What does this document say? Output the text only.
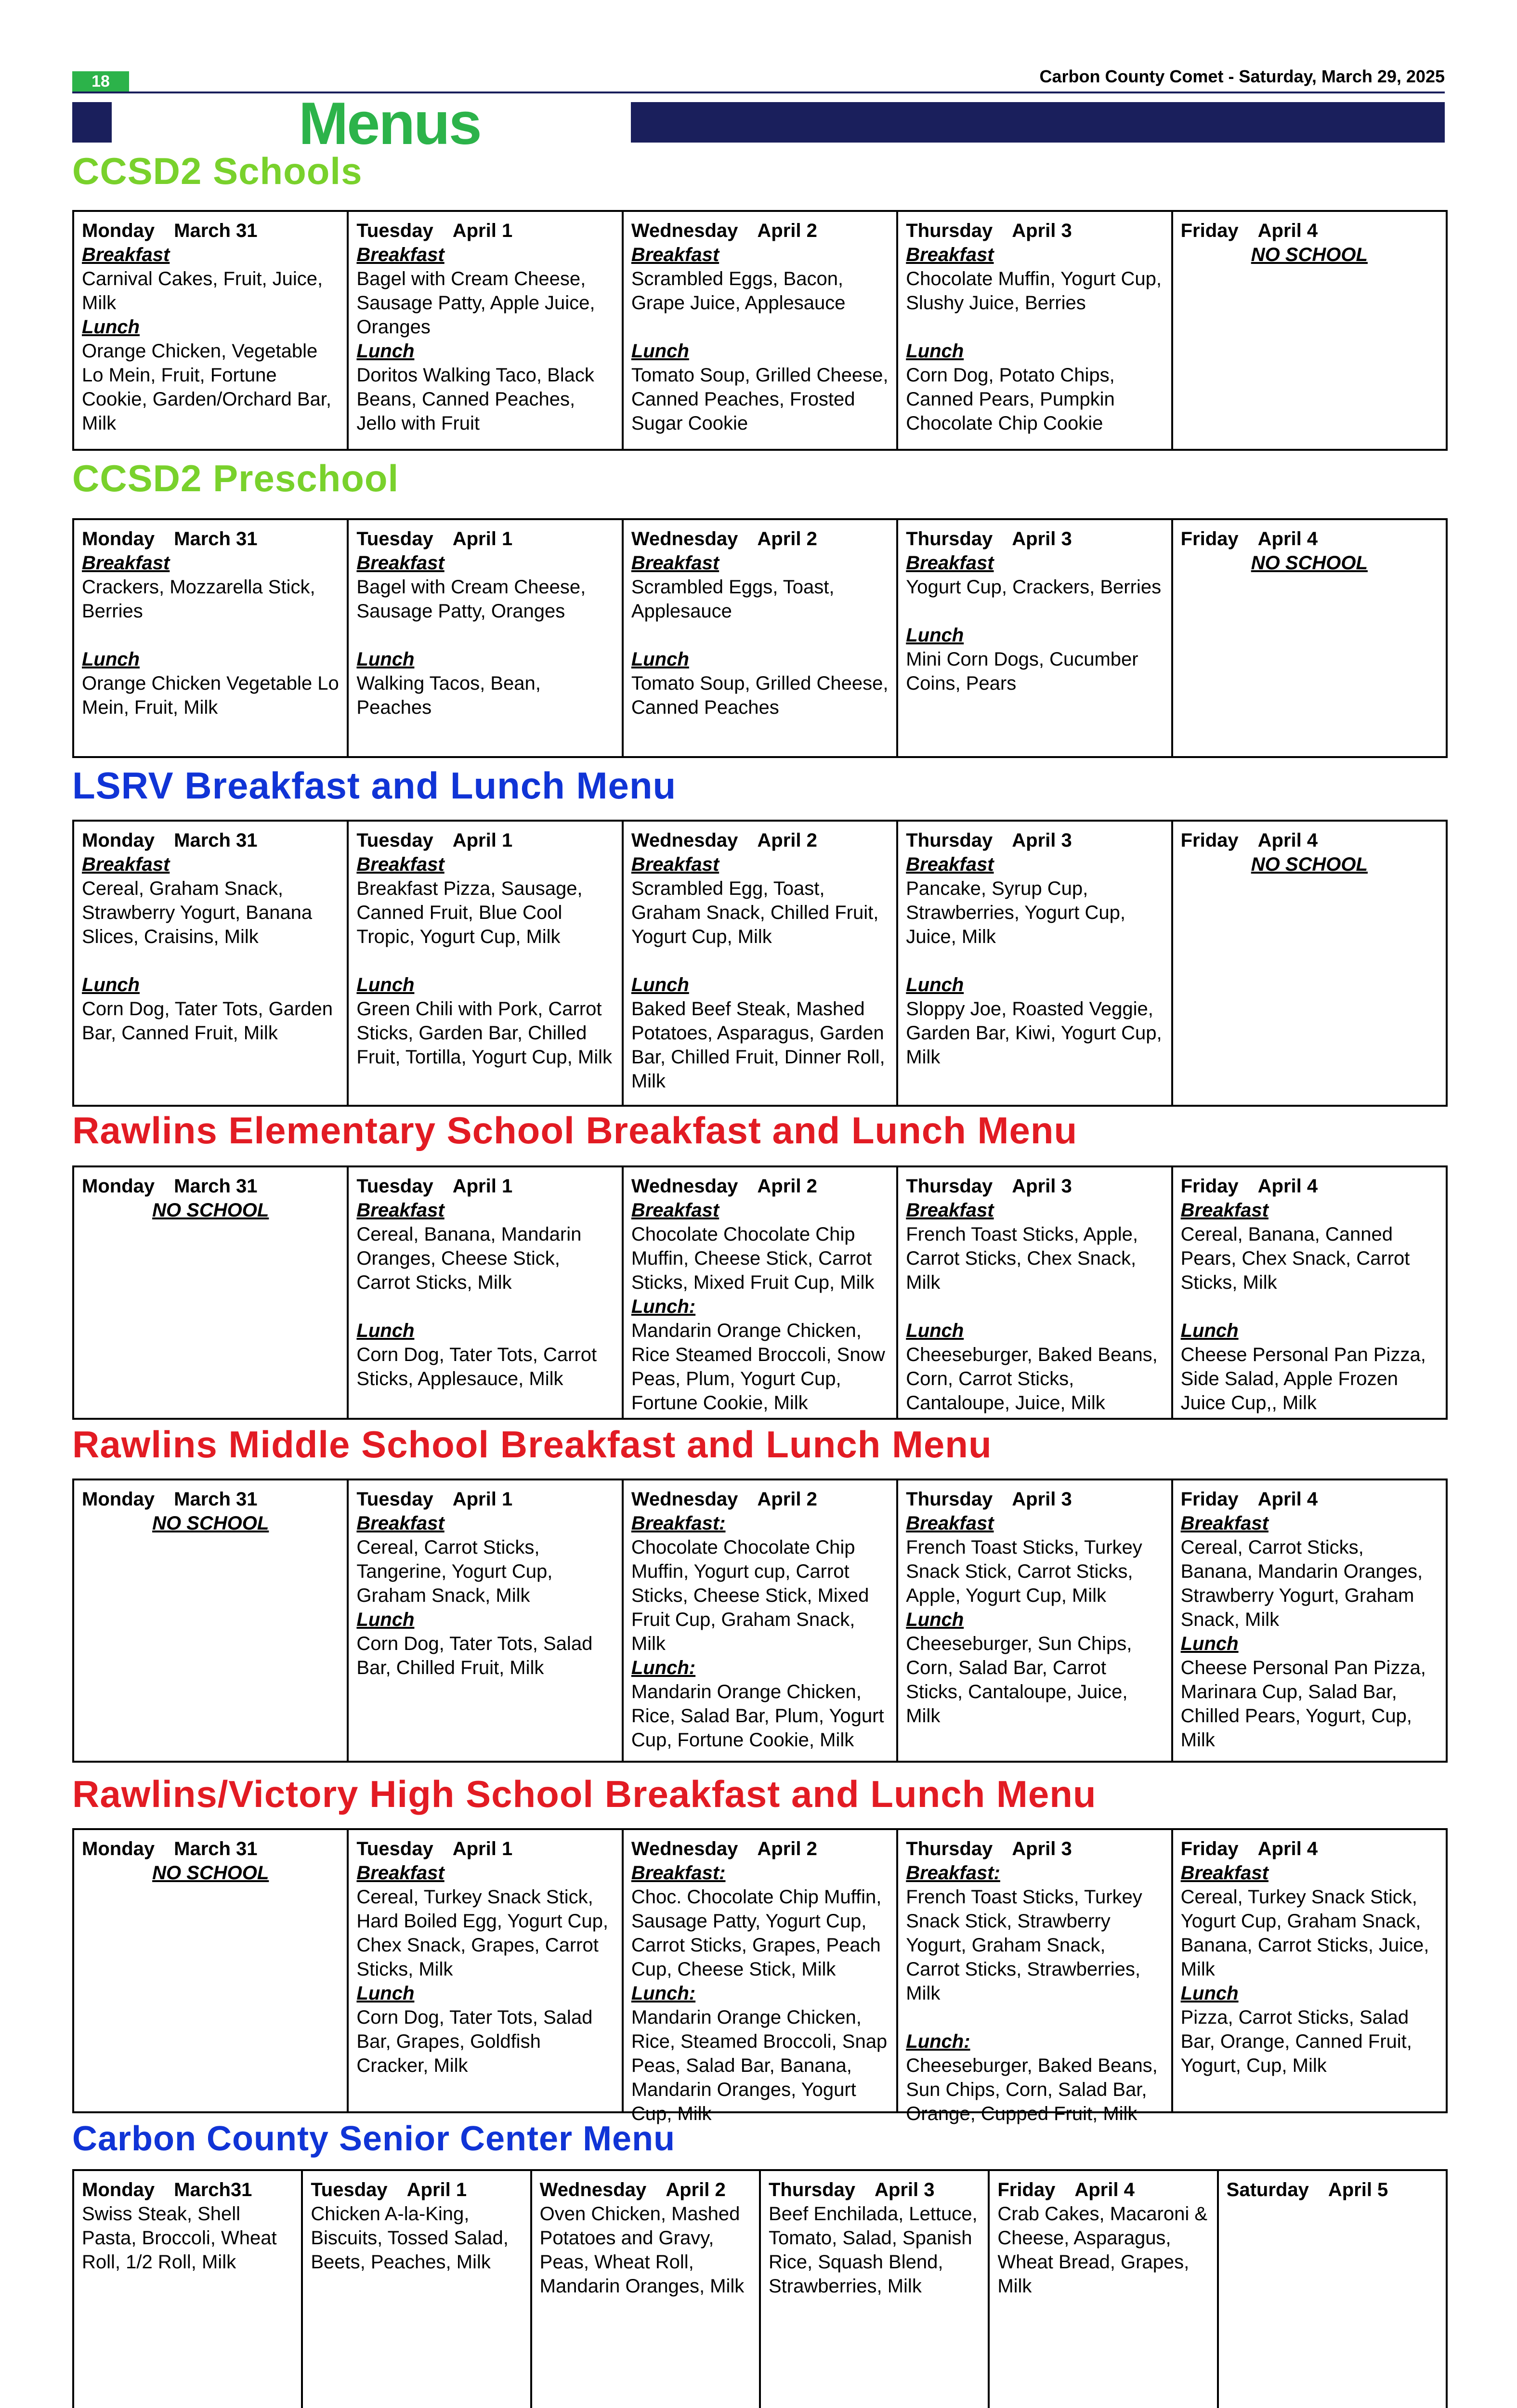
18	Carbon County Comet - Saturday, March 29, 2025
Menus
CCSD2 Schools
Monday March 31
Breakfast
Carnival Cakes, Fruit, Juice, Milk
Lunch
Orange Chicken, Vegetable Lo Mein, Fruit, Fortune Cookie, Garden/Orchard Bar, Milk
Tuesday April 1
Breakfast
Bagel with Cream Cheese, Sausage Patty, Apple Juice, Oranges
Lunch
Doritos Walking Taco, Black Beans, Canned Peaches, Jello with Fruit
Wednesday April 2
Breakfast
Scrambled Eggs, Bacon, Grape Juice, Applesauce
Lunch
Tomato Soup, Grilled Cheese, Canned Peaches, Frosted Sugar Cookie
Thursday April 3
Breakfast
Chocolate Muffin, Yogurt Cup, Slushy Juice, Berries
Lunch
Corn Dog, Potato Chips, Canned Pears, Pumpkin Chocolate Chip Cookie
Friday April 4
NO SCHOOL
CCSD2 Preschool
Monday March 31
Breakfast
Crackers, Mozzarella Stick, Berries
Lunch
Orange Chicken Vegetable Lo Mein, Fruit, Milk
Tuesday April 1
Breakfast
Bagel with Cream Cheese, Sausage Patty, Oranges
Lunch
Walking Tacos, Bean, Peaches
Wednesday April 2
Breakfast
Scrambled Eggs, Toast, Applesauce
Lunch
Tomato Soup, Grilled Cheese, Canned Peaches
Thursday April 3
Breakfast
Yogurt Cup, Crackers, Berries
Lunch
Mini Corn Dogs, Cucumber Coins, Pears
Friday April 4
NO SCHOOL
LSRV Breakfast and Lunch Menu
Monday March 31
Breakfast
Cereal, Graham Snack, Strawberry Yogurt, Banana Slices, Craisins, Milk
Lunch
Corn Dog, Tater Tots, Garden Bar, Canned Fruit, Milk
Tuesday April 1
Breakfast
Breakfast Pizza, Sausage, Canned Fruit, Blue Cool Tropic, Yogurt Cup, Milk
Lunch
Green Chili with Pork, Carrot Sticks, Garden Bar, Chilled Fruit, Tortilla, Yogurt Cup, Milk
Wednesday April 2
Breakfast
Scrambled Egg, Toast, Graham Snack, Chilled Fruit, Yogurt Cup, Milk
Lunch
Baked Beef Steak, Mashed Potatoes, Asparagus, Garden Bar, Chilled Fruit, Dinner Roll, Milk
Thursday April 3
Breakfast
Pancake, Syrup Cup, Strawberries, Yogurt Cup, Juice, Milk
Lunch
Sloppy Joe, Roasted Veggie, Garden Bar, Kiwi, Yogurt Cup, Milk
Friday April 4
NO SCHOOL
Rawlins Elementary School Breakfast and Lunch Menu
Monday March 31
NO SCHOOL
Tuesday April 1
Breakfast
Cereal, Banana, Mandarin Oranges, Cheese Stick, Carrot Sticks, Milk
Lunch
Corn Dog, Tater Tots, Carrot Sticks, Applesauce, Milk
Wednesday April 2
Breakfast
Chocolate Chocolate Chip Muffin, Cheese Stick, Carrot Sticks, Mixed Fruit Cup, Milk
Lunch:
Mandarin Orange Chicken, Rice Steamed Broccoli, Snow Peas, Plum, Yogurt Cup, Fortune Cookie, Milk
Thursday April 3
Breakfast
French Toast Sticks, Apple, Carrot Sticks, Chex Snack, Milk
Lunch
Cheeseburger, Baked Beans, Corn, Carrot Sticks, Cantaloupe, Juice, Milk
Friday April 4
Breakfast
Cereal, Banana, Canned Pears, Chex Snack, Carrot Sticks, Milk
Lunch
Cheese Personal Pan Pizza, Side Salad, Apple Frozen Juice Cup,, Milk
Rawlins Middle School Breakfast and Lunch Menu
Monday March 31
NO SCHOOL
Tuesday April 1
Breakfast
Cereal, Carrot Sticks, Tangerine, Yogurt Cup, Graham Snack, Milk
Lunch
Corn Dog, Tater Tots, Salad Bar, Chilled Fruit, Milk
Wednesday April 2
Breakfast:
Chocolate Chocolate Chip Muffin, Yogurt cup, Carrot Sticks, Cheese Stick, Mixed Fruit Cup, Graham Snack, Milk
Lunch:
Mandarin Orange Chicken, Rice, Salad Bar, Plum, Yogurt Cup, Fortune Cookie, Milk
Thursday April 3
Breakfast
French Toast Sticks, Turkey Snack Stick, Carrot Sticks, Apple, Yogurt Cup, Milk
Lunch
Cheeseburger, Sun Chips, Corn, Salad Bar, Carrot Sticks, Cantaloupe, Juice, Milk
Friday April 4
Breakfast
Cereal, Carrot Sticks, Banana, Mandarin Oranges, Strawberry Yogurt, Graham Snack, Milk
Lunch
Cheese Personal Pan Pizza, Marinara Cup, Salad Bar, Chilled Pears, Yogurt, Cup, Milk
Rawlins/Victory High School Breakfast and Lunch Menu
Monday March 31
NO SCHOOL
Tuesday April 1
Breakfast
Cereal, Turkey Snack Stick, Hard Boiled Egg, Yogurt Cup, Chex Snack, Grapes, Carrot Sticks, Milk
Lunch
Corn Dog, Tater Tots, Salad Bar, Grapes, Goldfish Cracker, Milk
Wednesday April 2
Breakfast:
Choc. Chocolate Chip Muffin, Sausage Patty, Yogurt Cup, Carrot Sticks, Grapes, Peach Cup, Cheese Stick, Milk
Lunch:
Mandarin Orange Chicken, Rice, Steamed Broccoli, Snap Peas, Salad Bar, Banana, Mandarin Oranges, Yogurt Cup, Milk
Thursday April 3
Breakfast:
French Toast Sticks, Turkey Snack Stick, Strawberry Yogurt, Graham Snack, Carrot Sticks, Strawberries, Milk
Lunch:
Cheeseburger, Baked Beans, Sun Chips, Corn, Salad Bar, Orange, Cupped Fruit, Milk
Friday April 4
Breakfast
Cereal, Turkey Snack Stick, Yogurt Cup, Graham Snack, Banana, Carrot Sticks, Juice, Milk
Lunch
Pizza, Carrot Sticks, Salad Bar, Orange, Canned Fruit, Yogurt, Cup, Milk
Carbon County Senior Center Menu
Monday March31
Swiss Steak, Shell Pasta, Broccoli, Wheat Roll, 1/2 Roll, Milk
Tuesday April 1
Chicken A-la-King, Biscuits, Tossed Salad, Beets, Peaches, Milk
Wednesday April 2
Oven Chicken, Mashed Potatoes and Gravy, Peas, Wheat Roll, Mandarin Oranges, Milk
Thursday April 3
Beef Enchilada, Lettuce, Tomato, Salad, Spanish Rice, Squash Blend, Strawberries, Milk
Friday April 4
Crab Cakes, Macaroni & Cheese, Asparagus, Wheat Bread, Grapes, Milk
Saturday April 5
